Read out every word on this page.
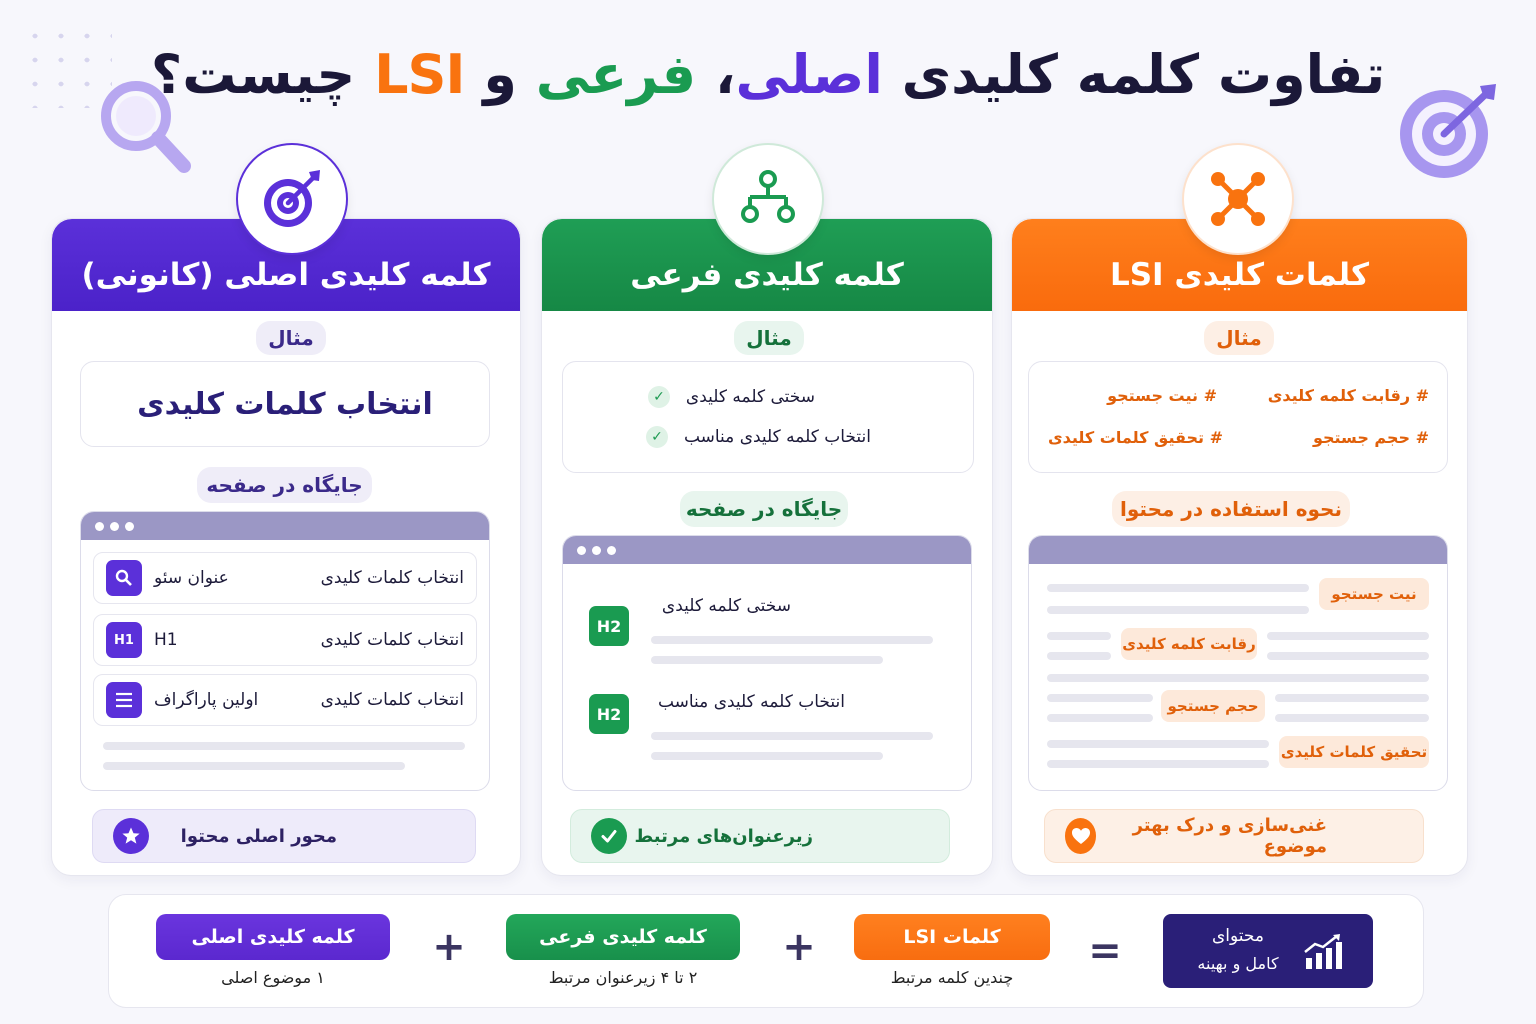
تفاوت کلمه کلیدی
اصلی
،
فرعی
و
LSI
چیست؟
کلمه کلیدی اصلی (کانونی)
مثال
انتخاب کلمات کلیدی
جایگاه در صفحه
انتخاب کلمات کلیدی
عنوان سئو
انتخاب کلمات کلیدی
H1	H1
انتخاب کلمات کلیدی
اولین پاراگراف
محور اصلی محتوا
کلمه کلیدی فرعی
مثال
سختی کلمه کلیدی
✓
انتخاب کلمه کلیدی مناسب
✓
جایگاه در صفحه
H2
سختی کلمه کلیدی
H2
انتخاب کلمه کلیدی مناسب
زیرعنوان‌های مرتبط
کلمات کلیدی LSI
مثال
# رقابت کلمه کلیدی
# نیت جستجو
# حجم جستجو
# تحقیق کلمات کلیدی
نحوه استفاده در محتوا
نیت جستجو
رقابت کلمه کلیدی
حجم جستجو
تحقیق کلمات کلیدی
غنی‌سازی و درک بهتر موضوع
کلمه کلیدی اصلی
۱ موضوع اصلی
+	کلمه کلیدی فرعی
۲ تا ۴ زیرعنوان مرتبط
+	کلمات LSI
چندین کلمه مرتبط
=	محتوای
کامل و بهینه
